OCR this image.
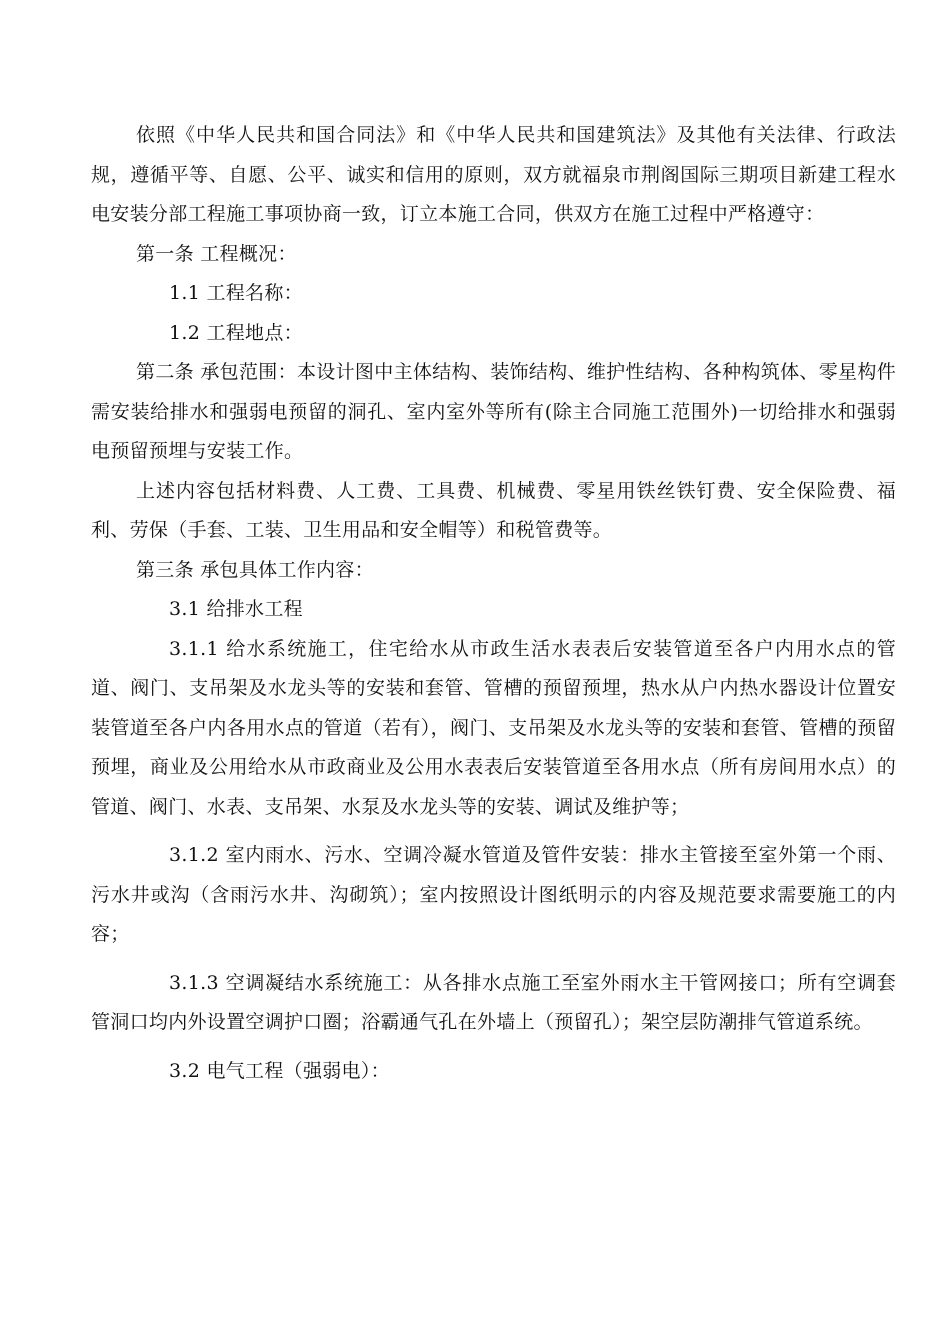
依照《中华人民共和国合同法》和《中华人民共和国建筑法》及其他有关法律、行政法规，遵循平等、自愿、公平、诚实和信用的原则，双方就福泉市荆阁国际三期项目新建工程水电安装分部工程施工事项协商一致，订立本施工合同，供双方在施工过程中严格遵守：

第一条 工程概况：

1.1 工程名称：

1.2 工程地点：

第二条 承包范围：本设计图中主体结构、装饰结构、维护性结构、各种构筑体、零星构件需安装给排水和强弱电预留的洞孔、室内室外等所有(除主合同施工范围外)一切给排水和强弱电预留预埋与安装工作。

上述内容包括材料费、人工费、工具费、机械费、零星用铁丝铁钉费、安全保险费、福利、劳保（手套、工装、卫生用品和安全帽等）和税管费等。

第三条 承包具体工作内容：

3.1 给排水工程

3.1.1 给水系统施工，住宅给水从市政生活水表表后安装管道至各户内用水点的管道、阀门、支吊架及水龙头等的安装和套管、管槽的预留预埋，热水从户内热水器设计位置安装管道至各户内各用水点的管道（若有），阀门、支吊架及水龙头等的安装和套管、管槽的预留预埋，商业及公用给水从市政商业及公用水表表后安装管道至各用水点（所有房间用水点）的管道、阀门、水表、支吊架、水泵及水龙头等的安装、调试及维护等；

3.1.2 室内雨水、污水、空调冷凝水管道及管件安装：排水主管接至室外第一个雨、污水井或沟（含雨污水井、沟砌筑）；室内按照设计图纸明示的内容及规范要求需要施工的内容；

3.1.3 空调凝结水系统施工：从各排水点施工至室外雨水主干管网接口；所有空调套管洞口均内外设置空调护口圈；浴霸通气孔在外墙上（预留孔）；架空层防潮排气管道系统。

3.2 电气工程（强弱电）：
